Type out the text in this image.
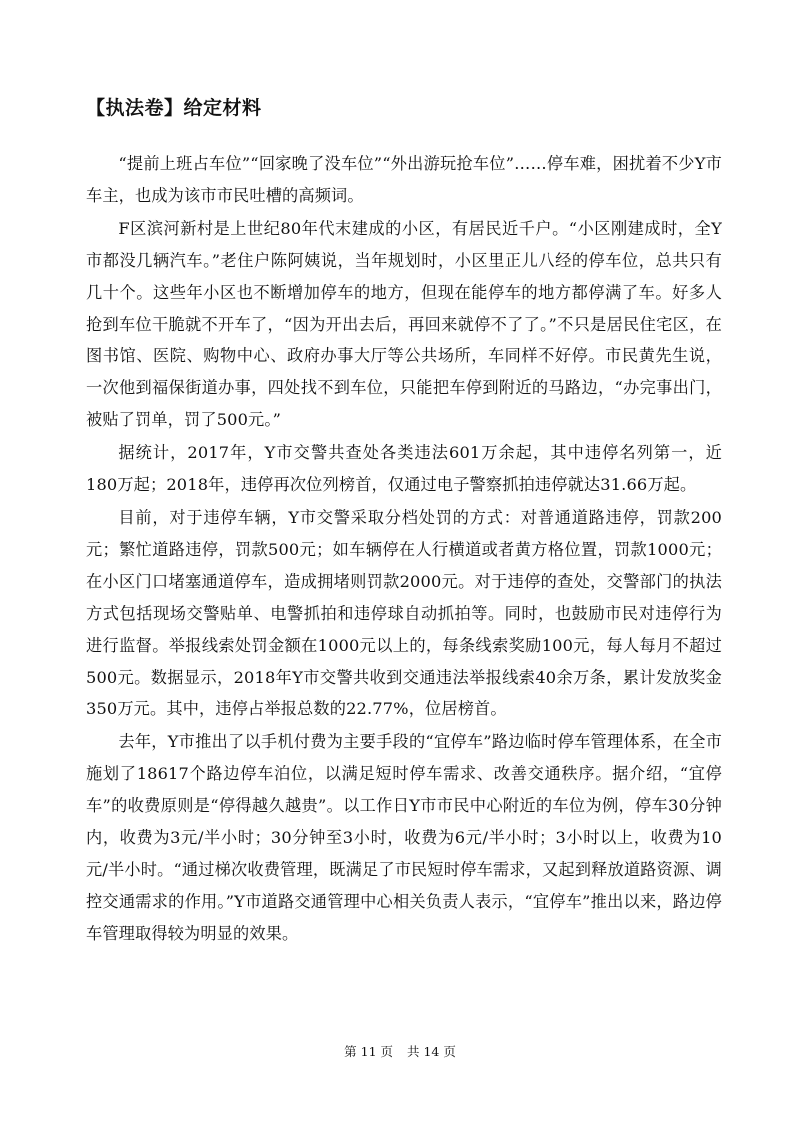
【执法卷】给定材料

“提前上班占车位”“回家晚了没车位”“外出游玩抢车位”……停车难，困扰着不少Y市车主，也成为该市市民吐槽的高频词。

F区滨河新村是上世纪80年代末建成的小区，有居民近千户。“小区刚建成时，全Y市都没几辆汽车。”老住户陈阿姨说，当年规划时，小区里正儿八经的停车位，总共只有几十个。这些年小区也不断增加停车的地方，但现在能停车的地方都停满了车。好多人抢到车位干脆就不开车了，“因为开出去后，再回来就停不了了。”不只是居民住宅区，在图书馆、医院、购物中心、政府办事大厅等公共场所，车同样不好停。市民黄先生说，一次他到福保街道办事，四处找不到车位，只能把车停到附近的马路边，“办完事出门，被贴了罚单，罚了500元。”

据统计，2017年，Y市交警共查处各类违法601万余起，其中违停名列第一，近180万起；2018年，违停再次位列榜首，仅通过电子警察抓拍违停就达31.66万起。

目前，对于违停车辆，Y市交警采取分档处罚的方式：对普通道路违停，罚款200元；繁忙道路违停，罚款500元；如车辆停在人行横道或者黄方格位置，罚款1000元；在小区门口堵塞通道停车，造成拥堵则罚款2000元。对于违停的查处，交警部门的执法方式包括现场交警贴单、电警抓拍和违停球自动抓拍等。同时，也鼓励市民对违停行为进行监督。举报线索处罚金额在1000元以上的，每条线索奖励100元，每人每月不超过500元。数据显示，2018年Y市交警共收到交通违法举报线索40余万条，累计发放奖金350万元。其中，违停占举报总数的22.77%，位居榜首。

去年，Y市推出了以手机付费为主要手段的“宜停车”路边临时停车管理体系，在全市施划了18617个路边停车泊位，以满足短时停车需求、改善交通秩序。据介绍，“宜停车”的收费原则是“停得越久越贵”。以工作日Y市市民中心附近的车位为例，停车30分钟内，收费为3元/半小时；30分钟至3小时，收费为6元/半小时；3小时以上，收费为10元/半小时。“通过梯次收费管理，既满足了市民短时停车需求，又起到释放道路资源、调控交通需求的作用。”Y市道路交通管理中心相关负责人表示，“宜停车”推出以来，路边停车管理取得较为明显的效果。

第 11 页 共 14 页
